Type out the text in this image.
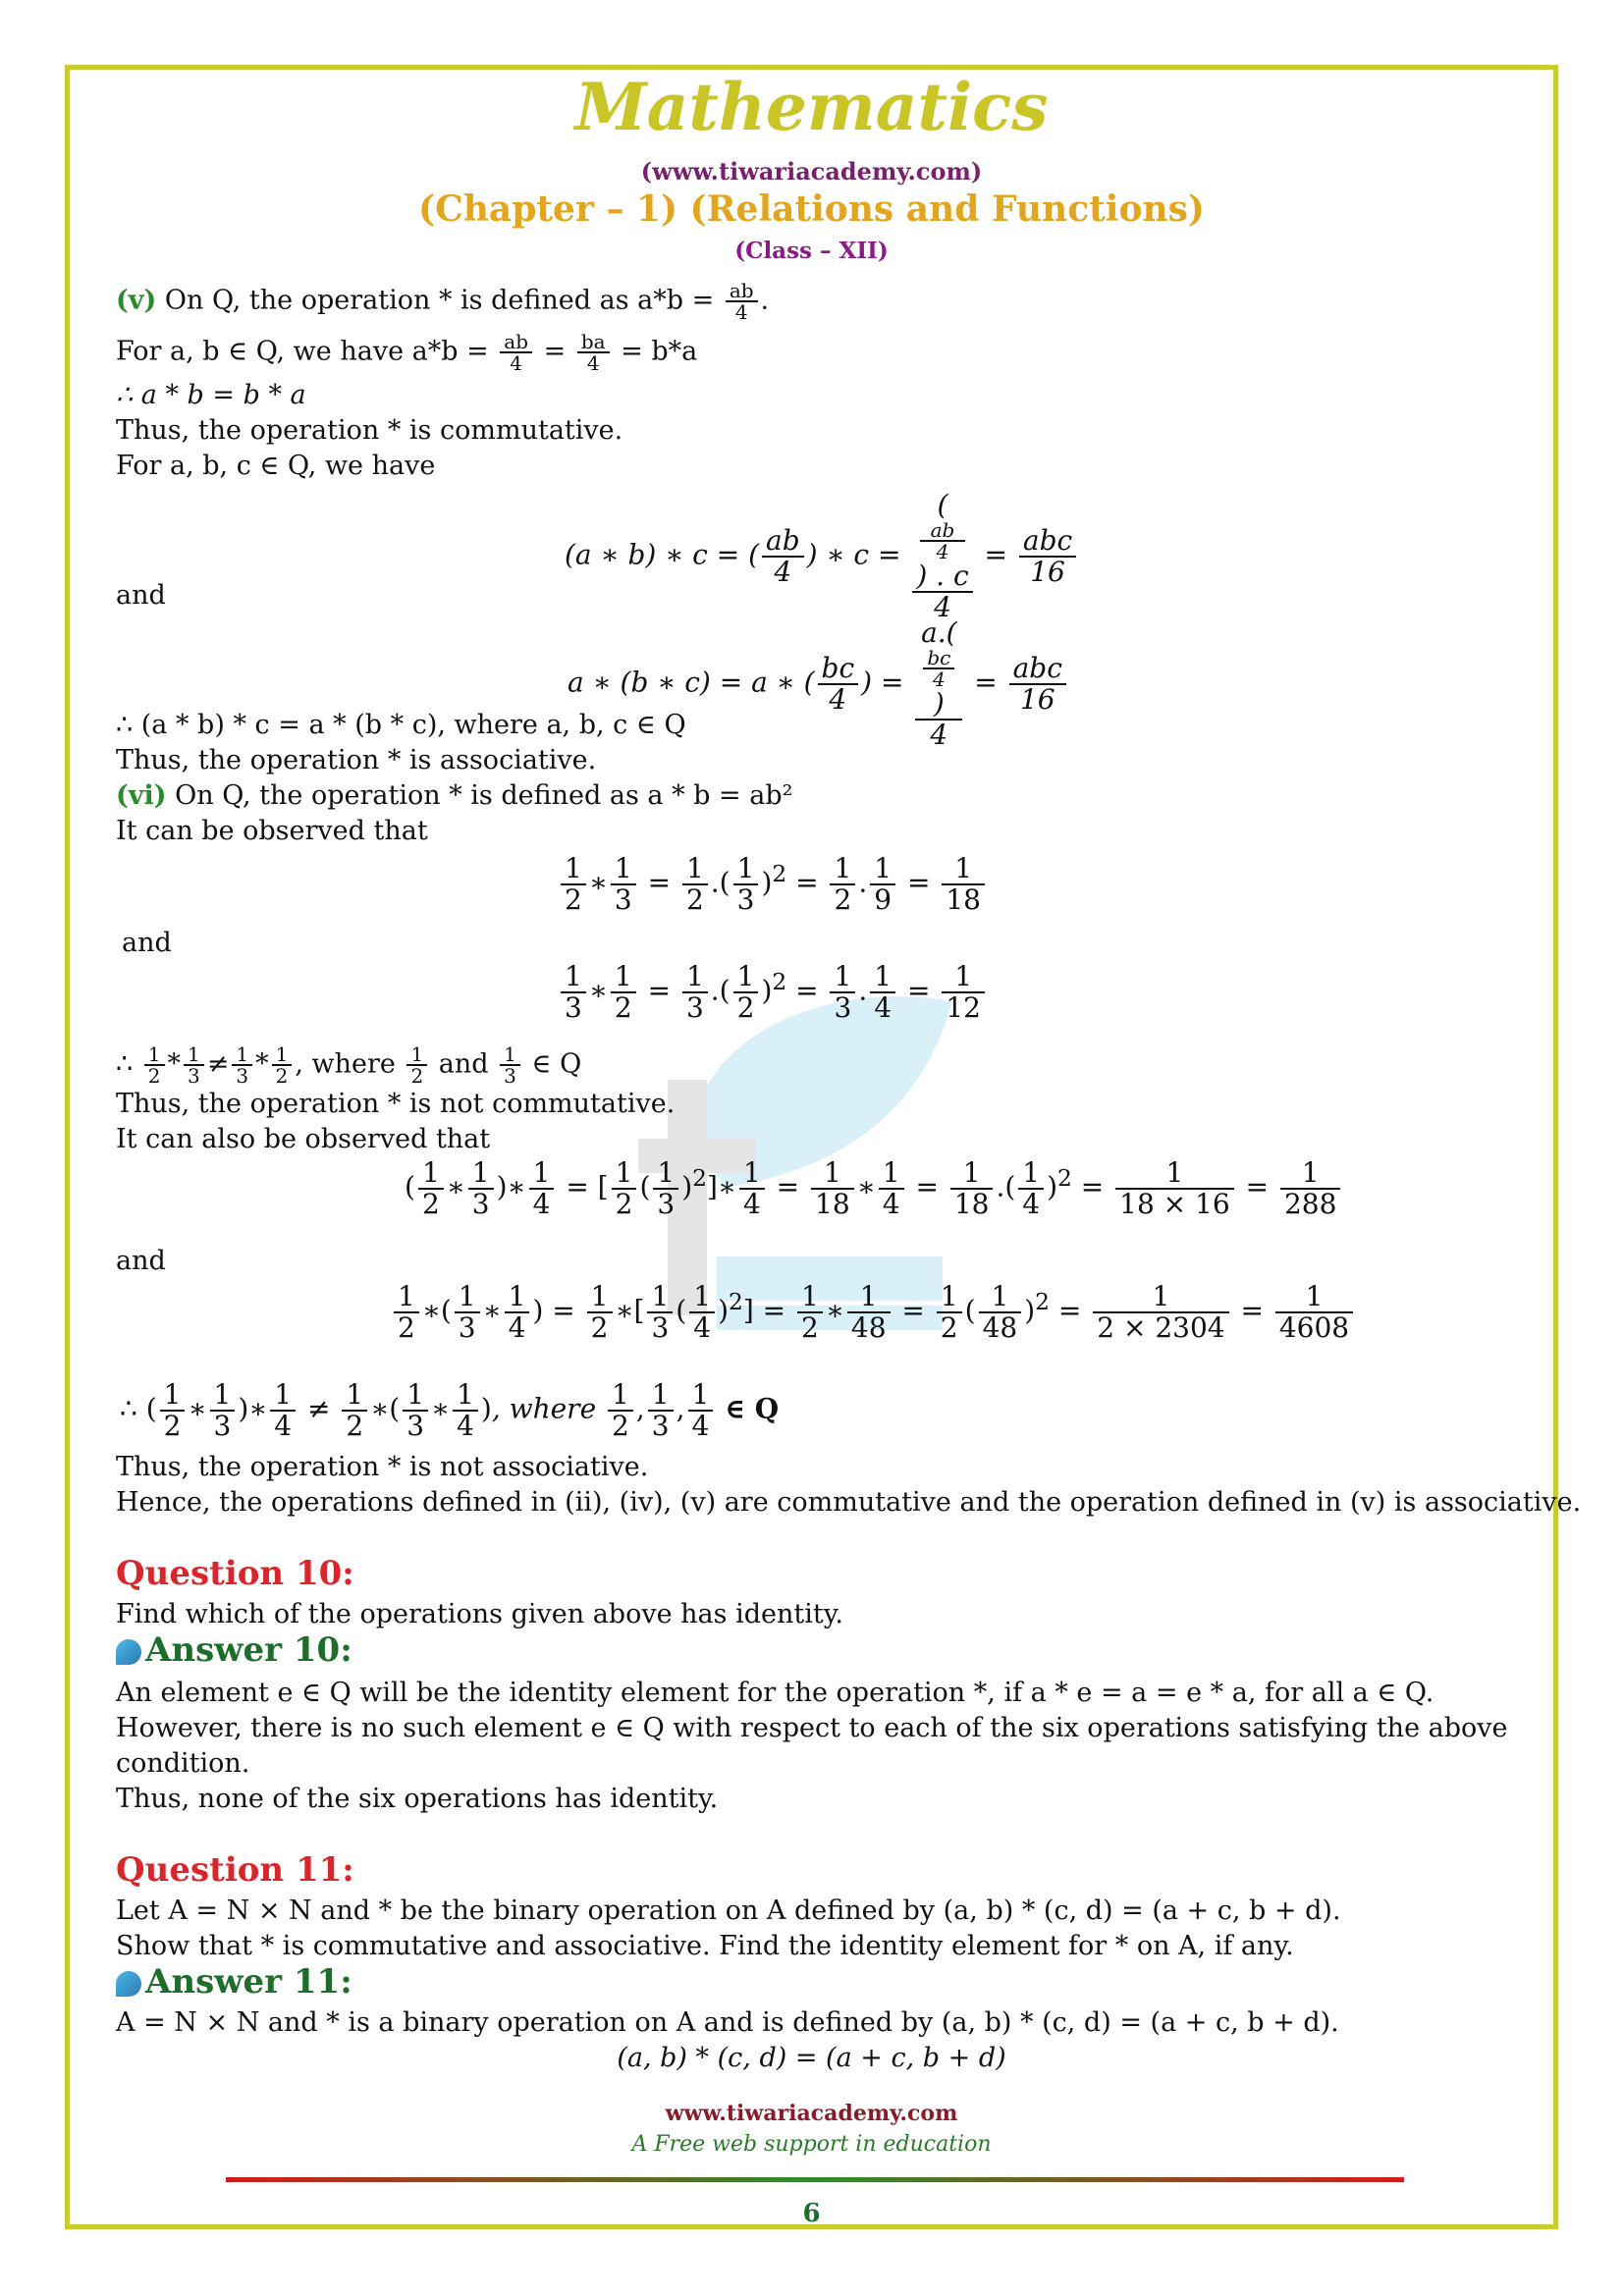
Mathematics
(www.tiwariacademy.com)
(Chapter – 1) (Relations and Functions)
(Class – XII)
(v) On Q, the operation * is defined as $a*b = \frac{ab}{4}$ .
For a, b ∈ Q, we have $a*b = \frac{ab}{4} = \frac{ba}{4} = b*a$
∴ a * b = b * a
Thus, the operation * is commutative.
For a, b, c ∈ Q, we have
(a ∗ b) ∗ c = ( $\frac{ab}{4}$ ) ∗ c = (
ab
4
) . c
4 = abc
16
and
a ∗ (b ∗ c) = a ∗ ( $\frac{bc}{4}$ ) = a.(
bc
4
)
4 = abc
16
∴ (a * b) * c = a * (b * c), where a, b, c ∈ Q
Thus, the operation * is associative.
(vi) On Q, the operation * is defined as a * b = ab²
It can be observed that
$\frac{1}{2}$ ∗ $\frac{1}{3} = \frac{1}{2}$ .( $\frac{1}{3} )^2 = \frac{1}{2}$ . $\frac{1}{9} = \frac{1}{18}$
and
$\frac{1}{3}$ ∗ $\frac{1}{2} = \frac{1}{3}$ .( $\frac{1}{2} )^2 = \frac{1}{3}$ . $\frac{1}{4} = \frac{1}{12}$
∴ $\frac{1}{2} * \frac{1}{3} \ne \frac{1}{3} * \frac{1}{2}$ , where $\frac{1}{2}$ and $\frac{1}{3}$ ∈ Q
Thus, the operation * is not commutative.
It can also be observed that
( $\frac{1}{2}$ ∗ $\frac{1}{3}$ )∗ $\frac{1}{4}$ = [ $\frac{1}{2}$ ( $\frac{1}{3}$ )$^2$]∗ $\frac{1}{4} = \frac{1}{18}$ ∗ $\frac{1}{4} = \frac{1}{18}$ .( $\frac{1}{4} )^2 = \frac{1}{18 \times 16} = \frac{1}{288}$
and
$\frac{1}{2}$ ∗( $\frac{1}{3}$ ∗ $\frac{1}{4}$ ) = $\frac{1}{2}$ ∗[ $\frac{1}{3}$ ( $\frac{1}{4} )^2] = \frac{1}{2}$ ∗ $\frac{1}{48} = \frac{1}{2}$ ( $\frac{1}{48} )^2 = \frac{1}{2 \times 2304} = \frac{1}{4608}$
∴ ( $\frac{1}{2}$ ∗ $\frac{1}{3}$ )∗ $\frac{1}{4} \ne \frac{1}{2}$ ∗( $\frac{1}{3}$ ∗ $\frac{1}{4}$ ), where $\frac{1}{2}$ , $\frac{1}{3}$ , $\frac{1}{4}$ ∈ Q
Thus, the operation * is not associative.
Hence, the operations defined in (ii), (iv), (v) are commutative and the operation defined in (v) is associative.
Question 10:
Find which of the operations given above has identity.
Answer 10:
An element e ∈ Q will be the identity element for the operation *, if a * e = a = e * a, for all a ∈ Q.
However, there is no such element e ∈ Q with respect to each of the six operations satisfying the above
condition.
Thus, none of the six operations has identity.
Question 11:
Let A = N × N and * be the binary operation on A defined by (a, b) * (c, d) = (a + c, b + d).
Show that * is commutative and associative. Find the identity element for * on A, if any.
Answer 11:
A = N × N and * is a binary operation on A and is defined by (a, b) * (c, d) = (a + c, b + d).
(a, b) * (c, d) = (a + c, b + d)
www.tiwariacademy.com
A Free web support in education
6
